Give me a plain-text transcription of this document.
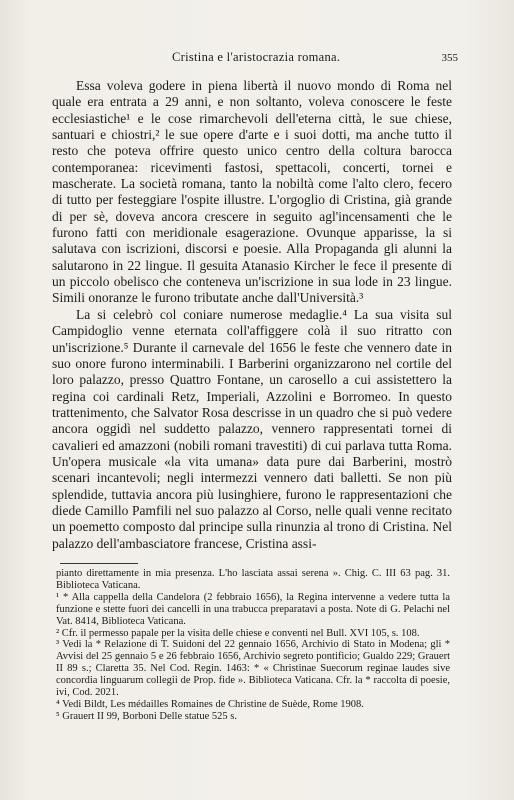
Cristina e l'aristocrazia romana.	355

Essa voleva godere in piena libertà il nuovo mondo di Roma nel quale era entrata a 29 anni, e non soltanto, voleva conoscere le feste ecclesiastiche¹ e le cose rimarchevoli dell'eterna città, le sue chiese, santuari e chiostri,² le sue opere d'arte e i suoi dotti, ma anche tutto il resto che poteva offrire questo unico centro della coltura barocca contemporanea: ricevimenti fastosi, spettacoli, concerti, tornei e mascherate. La società romana, tanto la nobiltà come l'alto clero, fecero di tutto per festeggiare l'ospite illustre. L'orgoglio di Cristina, già grande di per sè, doveva ancora crescere in seguito agl'incensamenti che le furono fatti con meridionale esagerazione. Ovunque apparisse, la si salutava con iscrizioni, discorsi e poesie. Alla Propaganda gli alunni la salutarono in 22 lingue. Il gesuita Atanasio Kircher le fece il presente di un piccolo obelisco che conteneva un'iscrizione in sua lode in 23 lingue. Simili onoranze le furono tributate anche dall'Università.³

La si celebrò col coniare numerose medaglie.⁴ La sua visita sul Campidoglio venne eternata coll'affiggere colà il suo ritratto con un'iscrizione.⁵ Durante il carnevale del 1656 le feste che vennero date in suo onore furono interminabili. I Barberini organizzarono nel cortile del loro palazzo, presso Quattro Fontane, un carosello a cui assistettero la regina coi cardinali Retz, Imperiali, Azzolini e Borromeo. In questo trattenimento, che Salvator Rosa descrisse in un quadro che si può vedere ancora oggidì nel suddetto palazzo, vennero rappresentati tornei di cavalieri ed amazzoni (nobili romani travestiti) di cui parlava tutta Roma. Un'opera musicale «la vita umana» data pure dai Barberini, mostrò scenari incantevoli; negli intermezzi vennero dati balletti. Se non più splendide, tuttavia ancora più lusinghiere, furono le rappresentazioni che diede Camillo Pamfili nel suo palazzo al Corso, nelle quali venne recitato un poemetto composto dal principe sulla rinunzia al trono di Cristina. Nel palazzo dell'ambasciatore francese, Cristina assi-

pianto direttamente in mia presenza. L'ho lasciata assai serena ». Chig. C. III 63 pag. 31. Biblioteca Vaticana.

¹ * Alla cappella della Candelora (2 febbraio 1656), la Regina intervenne a vedere tutta la funzione e stette fuori dei cancelli in una trabucca preparatavi a posta. Note di G. Pelachi nel Vat. 8414, Biblioteca Vaticana.

² Cfr. il permesso papale per la visita delle chiese e conventi nel Bull. XVI 105, s. 108.

³ Vedi la * Relazione di T. Suidoni del 22 gennaio 1656, Archivio di Stato in Modena; gli * Avvisi del 25 gennaio 5 e 26 febbraio 1656, Archivio segreto pontificio; Gualdo 229; Grauert II 89 s.; Claretta 35. Nel Cod. Regin. 1463: * « Christinae Suecorum reginae laudes sive concordia linguarum collegii de Prop. fide ». Biblioteca Vaticana. Cfr. la * raccolta di poesie, ivi, Cod. 2021.

⁴ Vedi Bildt, Les médailles Romaines de Christine de Suède, Rome 1908.

⁵ Grauert II 99, Borboni Delle statue 525 s.
